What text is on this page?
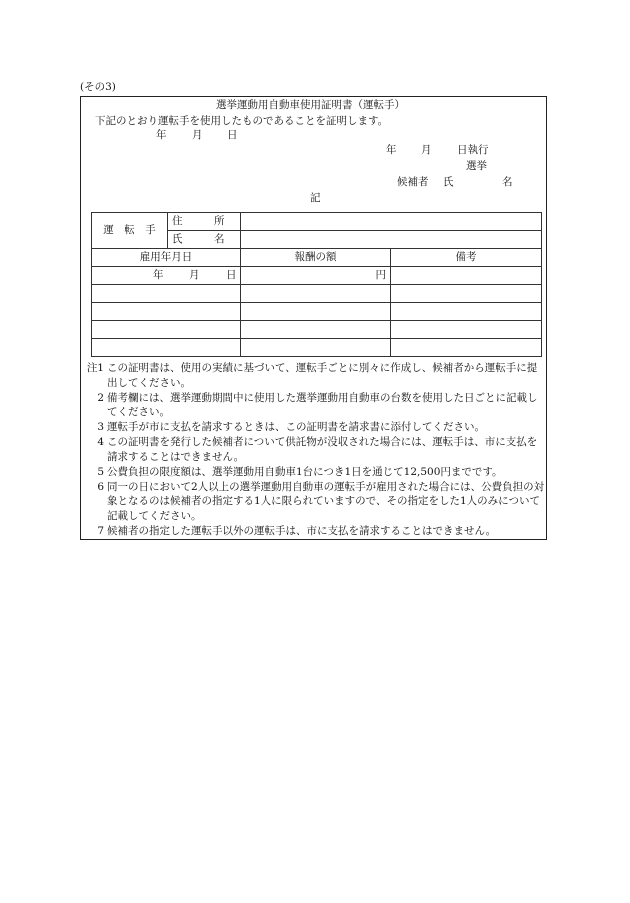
(その3)
選挙運動用自動車使用証明書（運転手）
下記のとおり運転手を使用したものであることを証明します。
年 月 日
年 月 日執行
選挙
候補者 氏	名
記
運　転　手	住　　　所		
	氏　　　名		
雇用年月日		報酬の額	備考

年 月 日		円	

注1 この証明書は、使用の実績に基づいて、運転手ごとに別々に作成し、候補者から運転手に提出してください。
2 備考欄には、選挙運動期間中に使用した選挙運動用自動車の台数を使用した日ごとに記載してください。
3 運転手が市に支払を請求するときは、この証明書を請求書に添付してください。
4 この証明書を発行した候補者について供託物が没収された場合には、運転手は、市に支払を請求することはできません。
5 公費負担の限度額は、選挙運動用自動車1台につき1日を通じて12,500円までです。
6 同一の日において2人以上の選挙運動用自動車の運転手が雇用された場合には、公費負担の対象となるのは候補者の指定する1人に限られていますので、その指定をした1人のみについて記載してください。
7 候補者の指定した運転手以外の運転手は、市に支払を請求することはできません。
